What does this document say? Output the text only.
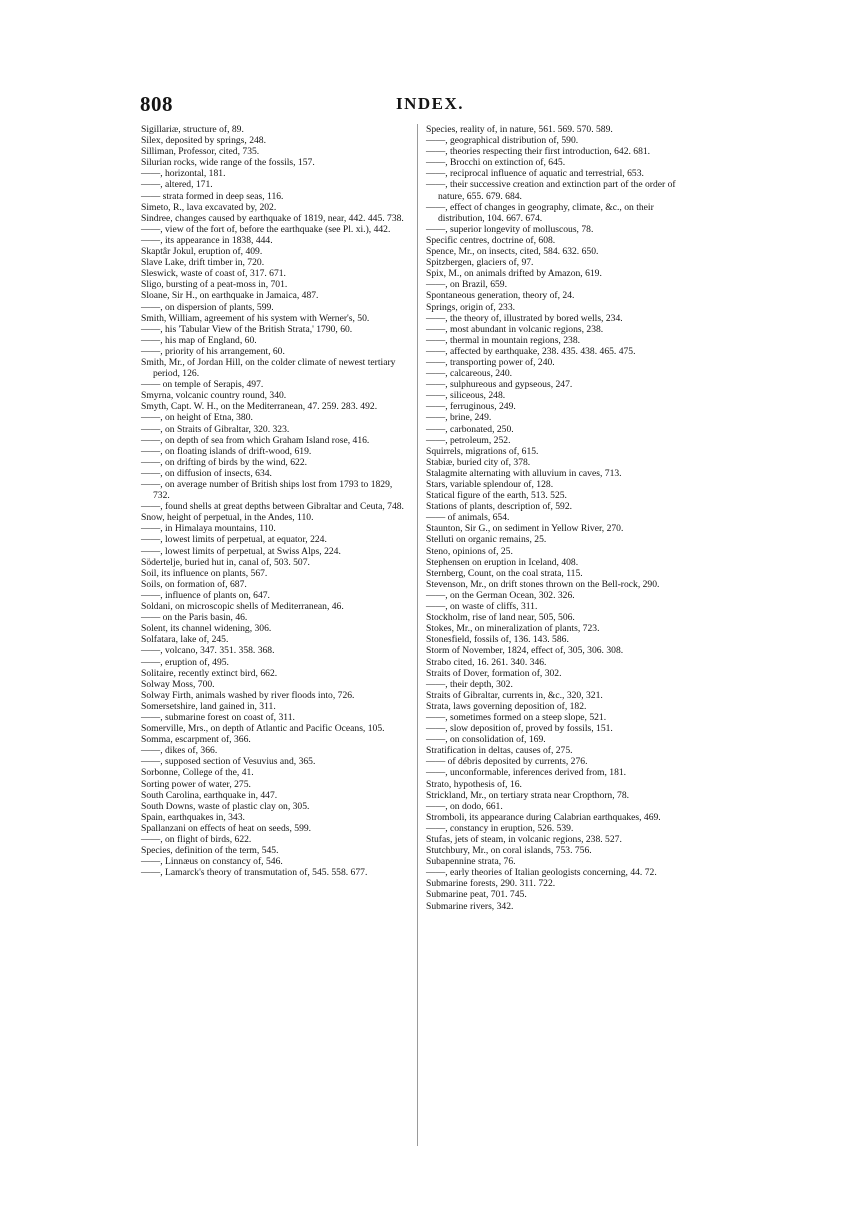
808	INDEX.

Sigillariæ, structure of, 89.

Silex, deposited by springs, 248.

Silliman, Professor, cited, 735.

Silurian rocks, wide range of the fossils, 157.

——, horizontal, 181.

——, altered, 171.

—— strata formed in deep seas, 116.

Simeto, R., lava excavated by, 202.

Sindree, changes caused by earthquake of 1819, near, 442. 445. 738.

——, view of the fort of, before the earthquake (see Pl. xi.), 442.

——, its appearance in 1838, 444.

Skaptâr Jokul, eruption of, 409.

Slave Lake, drift timber in, 720.

Sleswick, waste of coast of, 317. 671.

Sligo, bursting of a peat-moss in, 701.

Sloane, Sir H., on earthquake in Jamaica, 487.

——, on dispersion of plants, 599.

Smith, William, agreement of his system with Werner's, 50.

——, his 'Tabular View of the British Strata,' 1790, 60.

——, his map of England, 60.

——, priority of his arrangement, 60.

Smith, Mr., of Jordan Hill, on the colder climate of newest tertiary period, 126.

—— on temple of Serapis, 497.

Smyrna, volcanic country round, 340.

Smyth, Capt. W. H., on the Mediterranean, 47. 259. 283. 492.

——, on height of Etna, 380.

——, on Straits of Gibraltar, 320. 323.

——, on depth of sea from which Graham Island rose, 416.

——, on floating islands of drift-wood, 619.

——, on drifting of birds by the wind, 622.

——, on diffusion of insects, 634.

——, on average number of British ships lost from 1793 to 1829, 732.

——, found shells at great depths between Gibraltar and Ceuta, 748.

Snow, height of perpetual, in the Andes, 110.

——, in Himalaya mountains, 110.

——, lowest limits of perpetual, at equator, 224.

——, lowest limits of perpetual, at Swiss Alps, 224.

Södertelje, buried hut in, canal of, 503. 507.

Soil, its influence on plants, 567.

Soils, on formation of, 687.

——, influence of plants on, 647.

Soldani, on microscopic shells of Mediterranean, 46.

—— on the Paris basin, 46.

Solent, its channel widening, 306.

Solfatara, lake of, 245.

——, volcano, 347. 351. 358. 368.

——, eruption of, 495.

Solitaire, recently extinct bird, 662.

Solway Moss, 700.

Solway Firth, animals washed by river floods into, 726.

Somersetshire, land gained in, 311.

——, submarine forest on coast of, 311.

Somerville, Mrs., on depth of Atlantic and Pacific Oceans, 105.

Somma, escarpment of, 366.

——, dikes of, 366.

——, supposed section of Vesuvius and, 365.

Sorbonne, College of the, 41.

Sorting power of water, 275.

South Carolina, earthquake in, 447.

South Downs, waste of plastic clay on, 305.

Spain, earthquakes in, 343.

Spallanzani on effects of heat on seeds, 599.

——, on flight of birds, 622.

Species, definition of the term, 545.

——, Linnæus on constancy of, 546.

——, Lamarck's theory of transmutation of, 545. 558. 677.

Species, reality of, in nature, 561. 569. 570. 589.

——, geographical distribution of, 590.

——, theories respecting their first introduction, 642. 681.

——, Brocchi on extinction of, 645.

——, reciprocal influence of aquatic and terrestrial, 653.

——, their successive creation and extinction part of the order of nature, 655. 679. 684.

——, effect of changes in geography, climate, &c., on their distribution, 104. 667. 674.

——, superior longevity of molluscous, 78.

Specific centres, doctrine of, 608.

Spence, Mr., on insects, cited, 584. 632. 650.

Spitzbergen, glaciers of, 97.

Spix, M., on animals drifted by Amazon, 619.

——, on Brazil, 659.

Spontaneous generation, theory of, 24.

Springs, origin of, 233.

——, the theory of, illustrated by bored wells, 234.

——, most abundant in volcanic regions, 238.

——, thermal in mountain regions, 238.

——, affected by earthquake, 238. 435. 438. 465. 475.

——, transporting power of, 240.

——, calcareous, 240.

——, sulphureous and gypseous, 247.

——, siliceous, 248.

——, ferruginous, 249.

——, brine, 249.

——, carbonated, 250.

——, petroleum, 252.

Squirrels, migrations of, 615.

Stabiæ, buried city of, 378.

Stalagmite alternating with alluvium in caves, 713.

Stars, variable splendour of, 128.

Statical figure of the earth, 513. 525.

Stations of plants, description of, 592.

—— of animals, 654.

Staunton, Sir G., on sediment in Yellow River, 270.

Stelluti on organic remains, 25.

Steno, opinions of, 25.

Stephensen on eruption in Iceland, 408.

Sternberg, Count, on the coal strata, 115.

Stevenson, Mr., on drift stones thrown on the Bell-rock, 290.

——, on the German Ocean, 302. 326.

——, on waste of cliffs, 311.

Stockholm, rise of land near, 505, 506.

Stokes, Mr., on mineralization of plants, 723.

Stonesfield, fossils of, 136. 143. 586.

Storm of November, 1824, effect of, 305, 306. 308.

Strabo cited, 16. 261. 340. 346.

Straits of Dover, formation of, 302.

——, their depth, 302.

Straits of Gibraltar, currents in, &c., 320, 321.

Strata, laws governing deposition of, 182.

——, sometimes formed on a steep slope, 521.

——, slow deposition of, proved by fossils, 151.

——, on consolidation of, 169.

Stratification in deltas, causes of, 275.

—— of débris deposited by currents, 276.

——, unconformable, inferences derived from, 181.

Strato, hypothesis of, 16.

Strickland, Mr., on tertiary strata near Cropthorn, 78.

——, on dodo, 661.

Stromboli, its appearance during Calabrian earthquakes, 469.

——, constancy in eruption, 526. 539.

Stufas, jets of steam, in volcanic regions, 238. 527.

Stutchbury, Mr., on coral islands, 753. 756.

Subapennine strata, 76.

——, early theories of Italian geologists concerning, 44. 72.

Submarine forests, 290. 311. 722.

Submarine peat, 701. 745.

Submarine rivers, 342.
